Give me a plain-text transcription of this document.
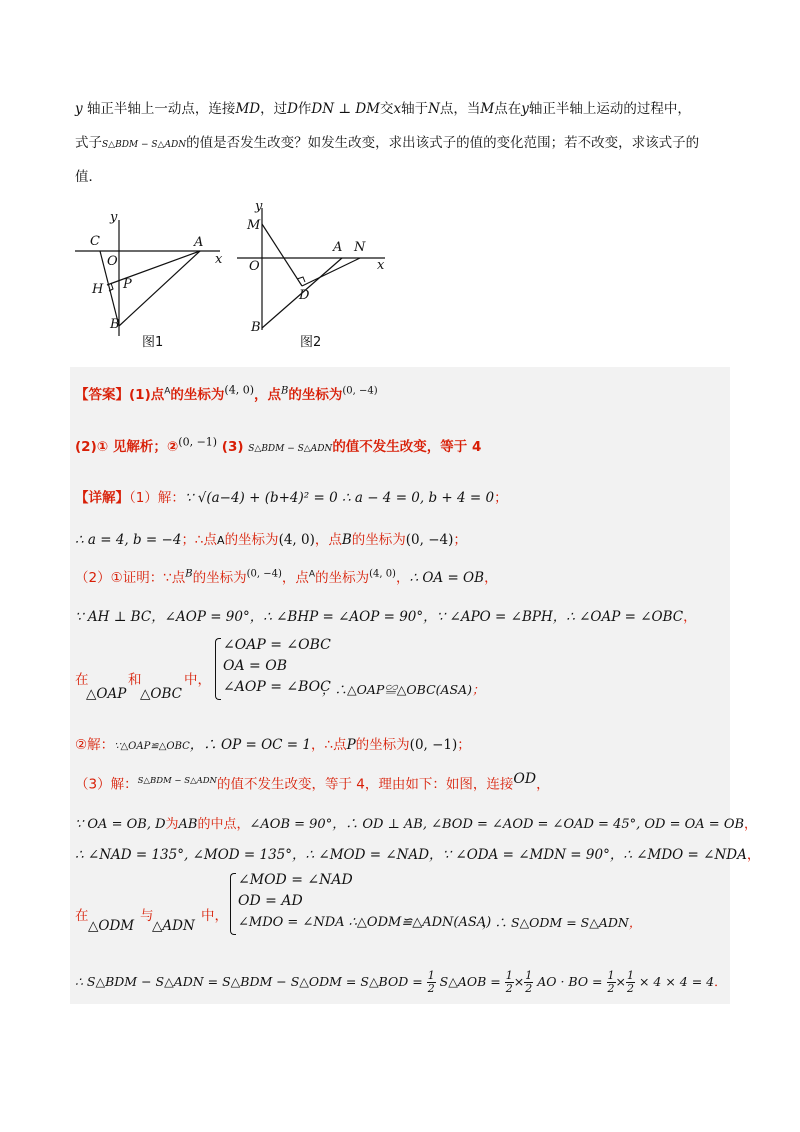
y 轴正半轴上一动点，连接MD，过D作DN ⊥ DM交x轴于N点，当M点在y轴正半轴上运动的过程中，
式子S△BDM − S△ADN的值是否发生改变？如发生改变，求出该式子的值的变化范围；若不改变，求该式子的
值．
y
x
C
O
A
P
H
B
图1
y
x
M
O
A N
D
B
图2
【答案】(1)点$^A$的坐标为$^{(4, 0)}$，点$^B$的坐标为$^{(0, -4)}$
(2)① 见解析；②$^{(0, -1)}$ (3) S△BDM − S△ADN的值不发生改变，等于 4
【详解】（1）解：∵ √(a−4) + (b+4)² = 0 ∴ a − 4 = 0, b + 4 = 0；
∴ a = 4, b = −4；∴点A的坐标为(4, 0)，点B的坐标为(0, −4)；
（2）①证明：∵点$^B$的坐标为$^{(0, -4)}$，点$^A$的坐标为$^{(4, 0)}$，∴ OA = OB，
∵ AH ⊥ BC，∠AOP = 90°，∴ ∠BHP = ∠AOP = 90°，∵ ∠APO = ∠BPH，∴ ∠OAP = ∠OBC，
在
△OAP
和
△OBC
中，
∠OAP = ∠OBC
OA = OB
∠AOP = ∠BOC
，∴△OAP≌△OBC(ASA)；
②解：∵△OAP≌△OBC，∴ OP = OC = 1，∴点P的坐标为(0, −1)；
（3）解：$^{S\triangle BDM - S\triangle ADN}$的值不发生改变，等于 4，理由如下：如图，连接$^{OD}$，
∵ OA = OB, D为AB的中点，∠AOB = 90°，∴ OD ⊥ AB, ∠BOD = ∠AOD = ∠OAD = 45°, OD = OA = OB，
∴ ∠NAD = 135°, ∠MOD = 135°，∴ ∠MOD = ∠NAD，∵ ∠ODA = ∠MDN = 90°，∴ ∠MDO = ∠NDA，
在
△ODM
与
△ADN
中，
∠MOD = ∠NAD
OD = AD
∠MDO = ∠NDA ∴△ODM≌△ADN(ASA)
，∴ S△ODM = S△ADN，
∴ S△BDM − S△ADN = S△BDM − S△ODM = S△BOD = $\frac{1}{2}$ S△AOB = $\frac{1}{2} \times \frac{1}{2}$ AO · BO = $\frac{1}{2} \times \frac{1}{2} \times 4 \times 4 = 4$．
